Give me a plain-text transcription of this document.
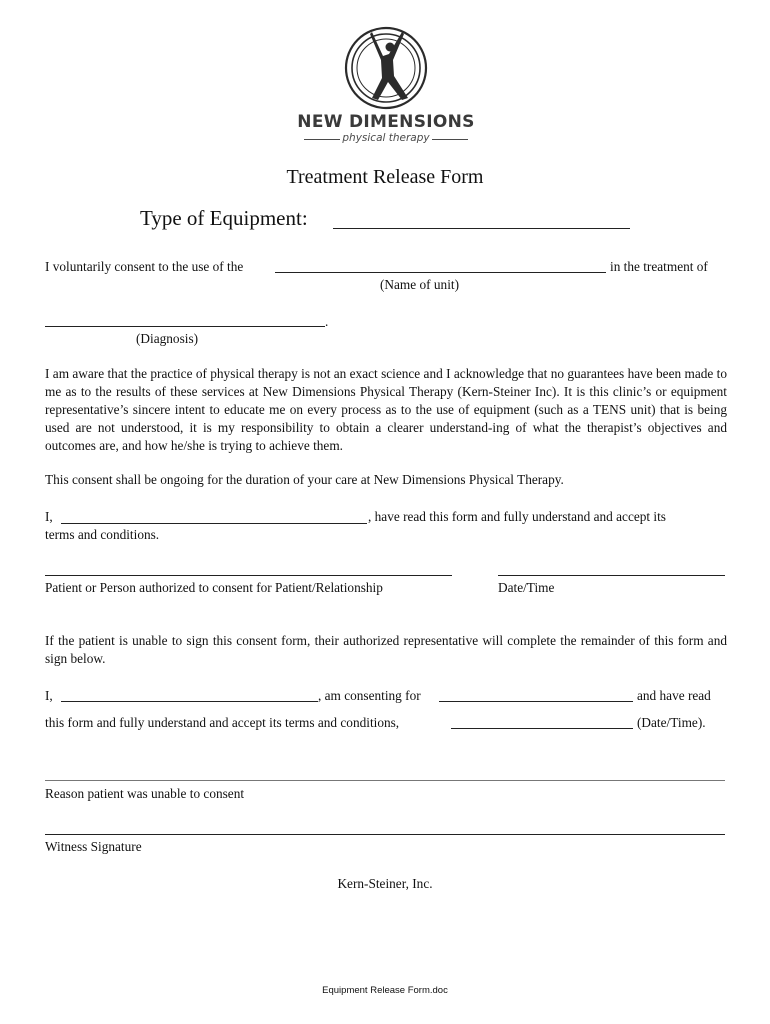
NEW DIMENSIONS
physical therapy
Treatment Release Form
Type of Equipment:
I voluntarily consent to the use of the	in the treatment of
(Name of unit)
.
(Diagnosis)
I am aware that the practice of physical therapy is not an exact science and I acknowledge that no guarantees have been made to me as to the results of these services at New Dimensions Physical Therapy (Kern-Steiner Inc). It is this clinic’s or equipment representative’s sincere intent to educate me on every process as to the use of equipment (such as a TENS unit) that is being used are not understood, it is my responsibility to obtain a clearer understand-ing of what the therapist’s objectives and outcomes are, and how he/she is trying to achieve them.
This consent shall be ongoing for the duration of your care at New Dimensions Physical Therapy.
I,	, have read this form and fully understand and accept its
terms and conditions.
Patient or Person authorized to consent for Patient/Relationship	Date/Time
If the patient is unable to sign this consent form, their authorized representative will complete the remainder of this form and sign below.
I,	, am consenting for	and have read
this form and fully understand and accept its terms and conditions,	(Date/Time).
Reason patient was unable to consent
Witness Signature
Kern-Steiner, Inc.
Equipment Release Form.doc
